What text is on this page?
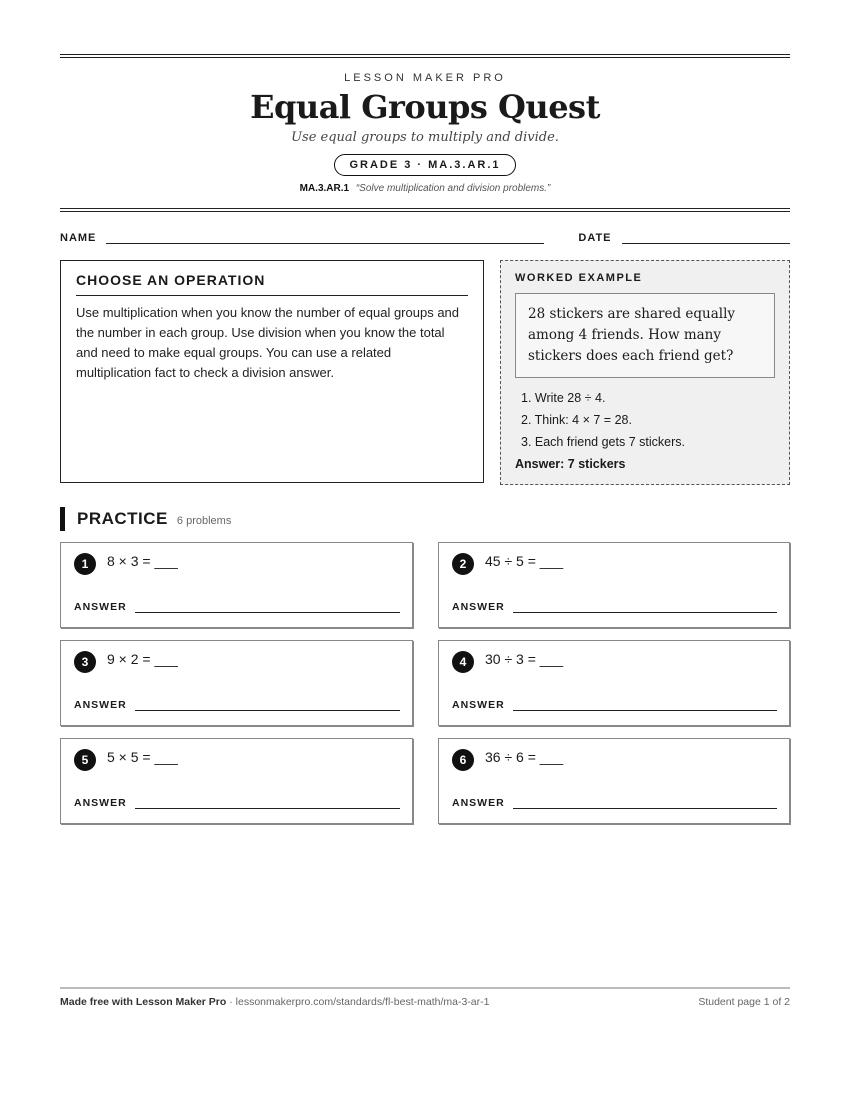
LESSON MAKER PRO
Equal Groups Quest
Use equal groups to multiply and divide.
GRADE 3 · MA.3.AR.1
MA.3.AR.1 “Solve multiplication and division problems.”
NAME	DATE
CHOOSE AN OPERATION
Use multiplication when you know the number of equal groups and the number in each group. Use division when you know the total and need to make equal groups. You can use a related multiplication fact to check a division answer.
WORKED EXAMPLE
28 stickers are shared equally among 4 friends. How many stickers does each friend get?
1. Write 28 ÷ 4.
2. Think: 4 × 7 = 28.
3. Each friend gets 7 stickers.
Answer: 7 stickers
PRACTICE 6 problems
1	8 × 3 = ___
ANSWER
2	45 ÷ 5 = ___
ANSWER
3	9 × 2 = ___
ANSWER
4	30 ÷ 3 = ___
ANSWER
5	5 × 5 = ___
ANSWER
6	36 ÷ 6 = ___
ANSWER
Made free with Lesson Maker Pro · lessonmakerpro.com/standards/fl-best-math/ma-3-ar-1	Student page 1 of 2
